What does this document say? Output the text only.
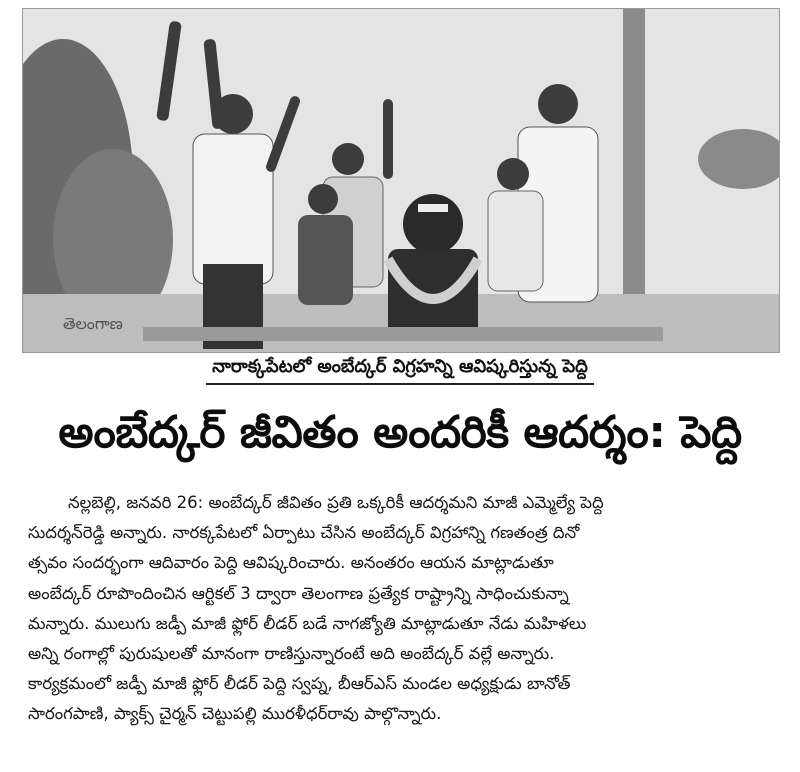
తెలంగాణ
నారాక్కపేటలో అంబేద్కర్ విగ్రహన్ని ఆవిష్కరిస్తున్న పెద్ది
అంబేద్కర్ జీవితం అందరికీ ఆదర్శం: పెద్ది
నల్లబెల్లి, జనవరి 26: అంబేద్కర్ జీవితం ప్రతి ఒక్కరికీ ఆదర్శమని మాజీ ఎమ్మెల్యే పెద్ది
సుదర్శన్‌రెడ్డి అన్నారు. నారక్కపేటలో ఏర్పాటు చేసిన అంబేద్కర్ విగ్రహాన్ని గణతంత్ర దినో
త్సవం సందర్భంగా ఆదివారం పెద్ది ఆవిష్కరించారు. అనంతరం ఆయన మాట్లాడుతూ
అంబేద్కర్ రూపొందించిన ఆర్టికల్ 3 ద్వారా తెలంగాణ ప్రత్యేక రాష్ట్రాన్ని సాధించుకున్నా
మన్నారు. ములుగు జడ్పీ మాజీ ఫ్లోర్ లీడర్ బడే నాగజ్యోతి మాట్లాడుతూ నేడు మహిళలు
అన్ని రంగాల్లో పురుషులతో మానంగా రాణిస్తున్నారంటే అది అంబేద్కర్ వల్లే అన్నారు.
కార్యక్రమంలో జడ్పీ మాజీ ఫ్లోర్ లీడర్ పెద్ది స్వప్న, బీఆర్ఎస్ మండల అధ్యక్షుడు బానోత్
సారంగపాణి, ప్యాక్స్ చైర్మన్ చెట్టుపల్లి మురళీధర్‌రావు పాల్గొన్నారు.
